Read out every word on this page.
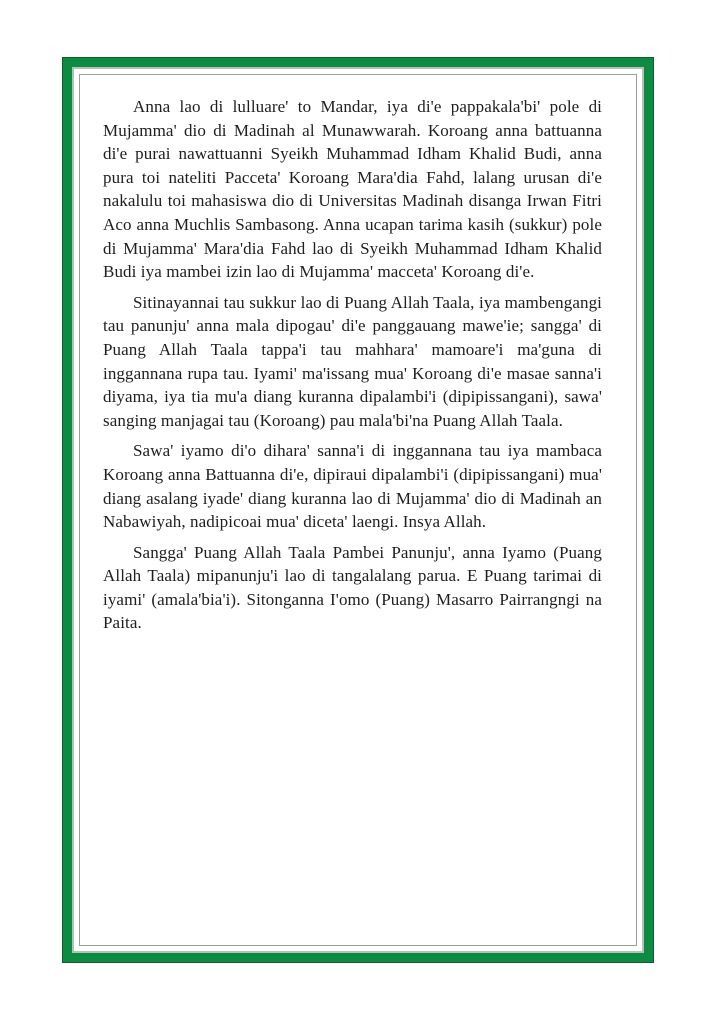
Anna lao di lulluare' to Mandar, iya di'e pappakala'bi' pole di Mujamma' dio di Madinah al Munawwarah. Koroang anna battuanna di'e purai nawattuanni Syeikh Muhammad Idham Khalid Budi, anna pura toi nateliti Pacceta' Koroang Mara'dia Fahd, lalang urusan di'e nakalulu toi mahasiswa dio di Universitas Madinah disanga Irwan Fitri Aco anna Muchlis Sambasong. Anna ucapan tarima kasih (sukkur) pole di Mujamma' Mara'dia Fahd lao di Syeikh Muhammad Idham Khalid Budi iya mambei izin lao di Mujamma' macceta' Koroang di'e.

Sitinayannai tau sukkur lao di Puang Allah Taala, iya mambengangi tau panunju' anna mala dipogau' di'e panggauang mawe'ie; sangga' di Puang Allah Taala tappa'i tau mahhara' mamoare'i ma'guna di inggannana rupa tau. Iyami' ma'issang mua' Koroang di'e masae sanna'i diyama, iya tia mu'a diang kuranna dipalambi'i (dipipissangani), sawa' sanging manjagai tau (Koroang) pau mala'bi'na Puang Allah Taala.

Sawa' iyamo di'o dihara' sanna'i di inggannana tau iya mambaca Koroang anna Battuanna di'e, dipiraui dipalambi'i (dipipissangani) mua' diang asalang iyade' diang kuranna lao di Mujamma' dio di Madinah an Nabawiyah, nadipicoai mua' diceta' laengi. Insya Allah.

Sangga' Puang Allah Taala Pambei Panunju', anna Iyamo (Puang Allah Taala) mipanunju'i lao di tangalalang parua. E Puang tarimai di iyami' (amala'bia'i). Sitonganna I'omo (Puang) Masarro Pairrangngi na Paita.
